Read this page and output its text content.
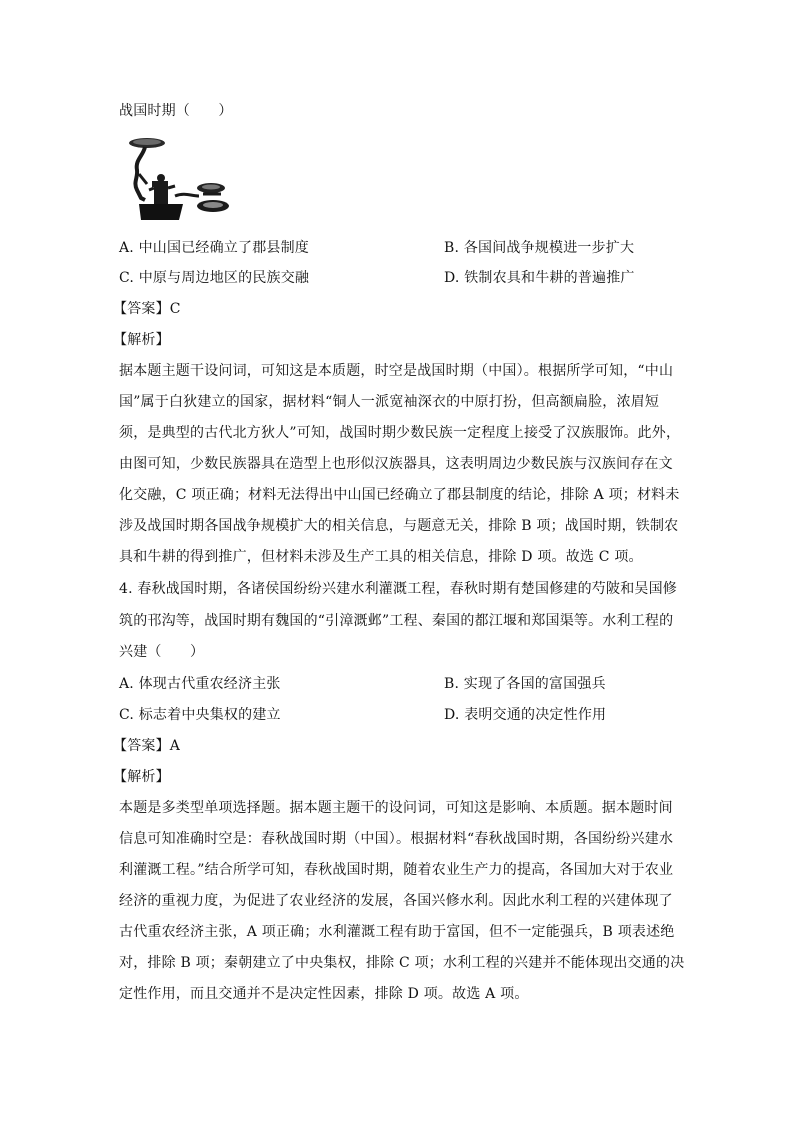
战国时期（　　）
A. 中山国已经确立了郡县制度	B. 各国间战争规模进一步扩大
C. 中原与周边地区的民族交融	D. 铁制农具和牛耕的普遍推广
【答案】C
【解析】
据本题主题干设问词，可知这是本质题，时空是战国时期（中国）。根据所学可知，“中山
国”属于白狄建立的国家，据材料“铜人一派宽袖深衣的中原打扮，但高额扁脸，浓眉短
须，是典型的古代北方狄人”可知，战国时期少数民族一定程度上接受了汉族服饰。此外，
由图可知，少数民族器具在造型上也形似汉族器具，这表明周边少数民族与汉族间存在文
化交融，C 项正确；材料无法得出中山国已经确立了郡县制度的结论，排除 A 项；材料未
涉及战国时期各国战争规模扩大的相关信息，与题意无关，排除 B 项；战国时期，铁制农
具和牛耕的得到推广，但材料未涉及生产工具的相关信息，排除 D 项。故选 C 项。
4. 春秋战国时期，各诸侯国纷纷兴建水利灌溉工程，春秋时期有楚国修建的芍陂和吴国修
筑的邗沟等，战国时期有魏国的“引漳溉邺”工程、秦国的都江堰和郑国渠等。水利工程的
兴建（　　）
A. 体现古代重农经济主张	B. 实现了各国的富国强兵
C. 标志着中央集权的建立	D. 表明交通的决定性作用
【答案】A
【解析】
本题是多类型单项选择题。据本题主题干的设问词，可知这是影响、本质题。据本题时间
信息可知准确时空是：春秋战国时期（中国）。根据材料“春秋战国时期，各国纷纷兴建水
利灌溉工程。”结合所学可知，春秋战国时期，随着农业生产力的提高，各国加大对于农业
经济的重视力度，为促进了农业经济的发展，各国兴修水利。因此水利工程的兴建体现了
古代重农经济主张，A 项正确；水利灌溉工程有助于富国，但不一定能强兵，B 项表述绝
对，排除 B 项；秦朝建立了中央集权，排除 C 项；水利工程的兴建并不能体现出交通的决
定性作用，而且交通并不是决定性因素，排除 D 项。故选 A 项。
